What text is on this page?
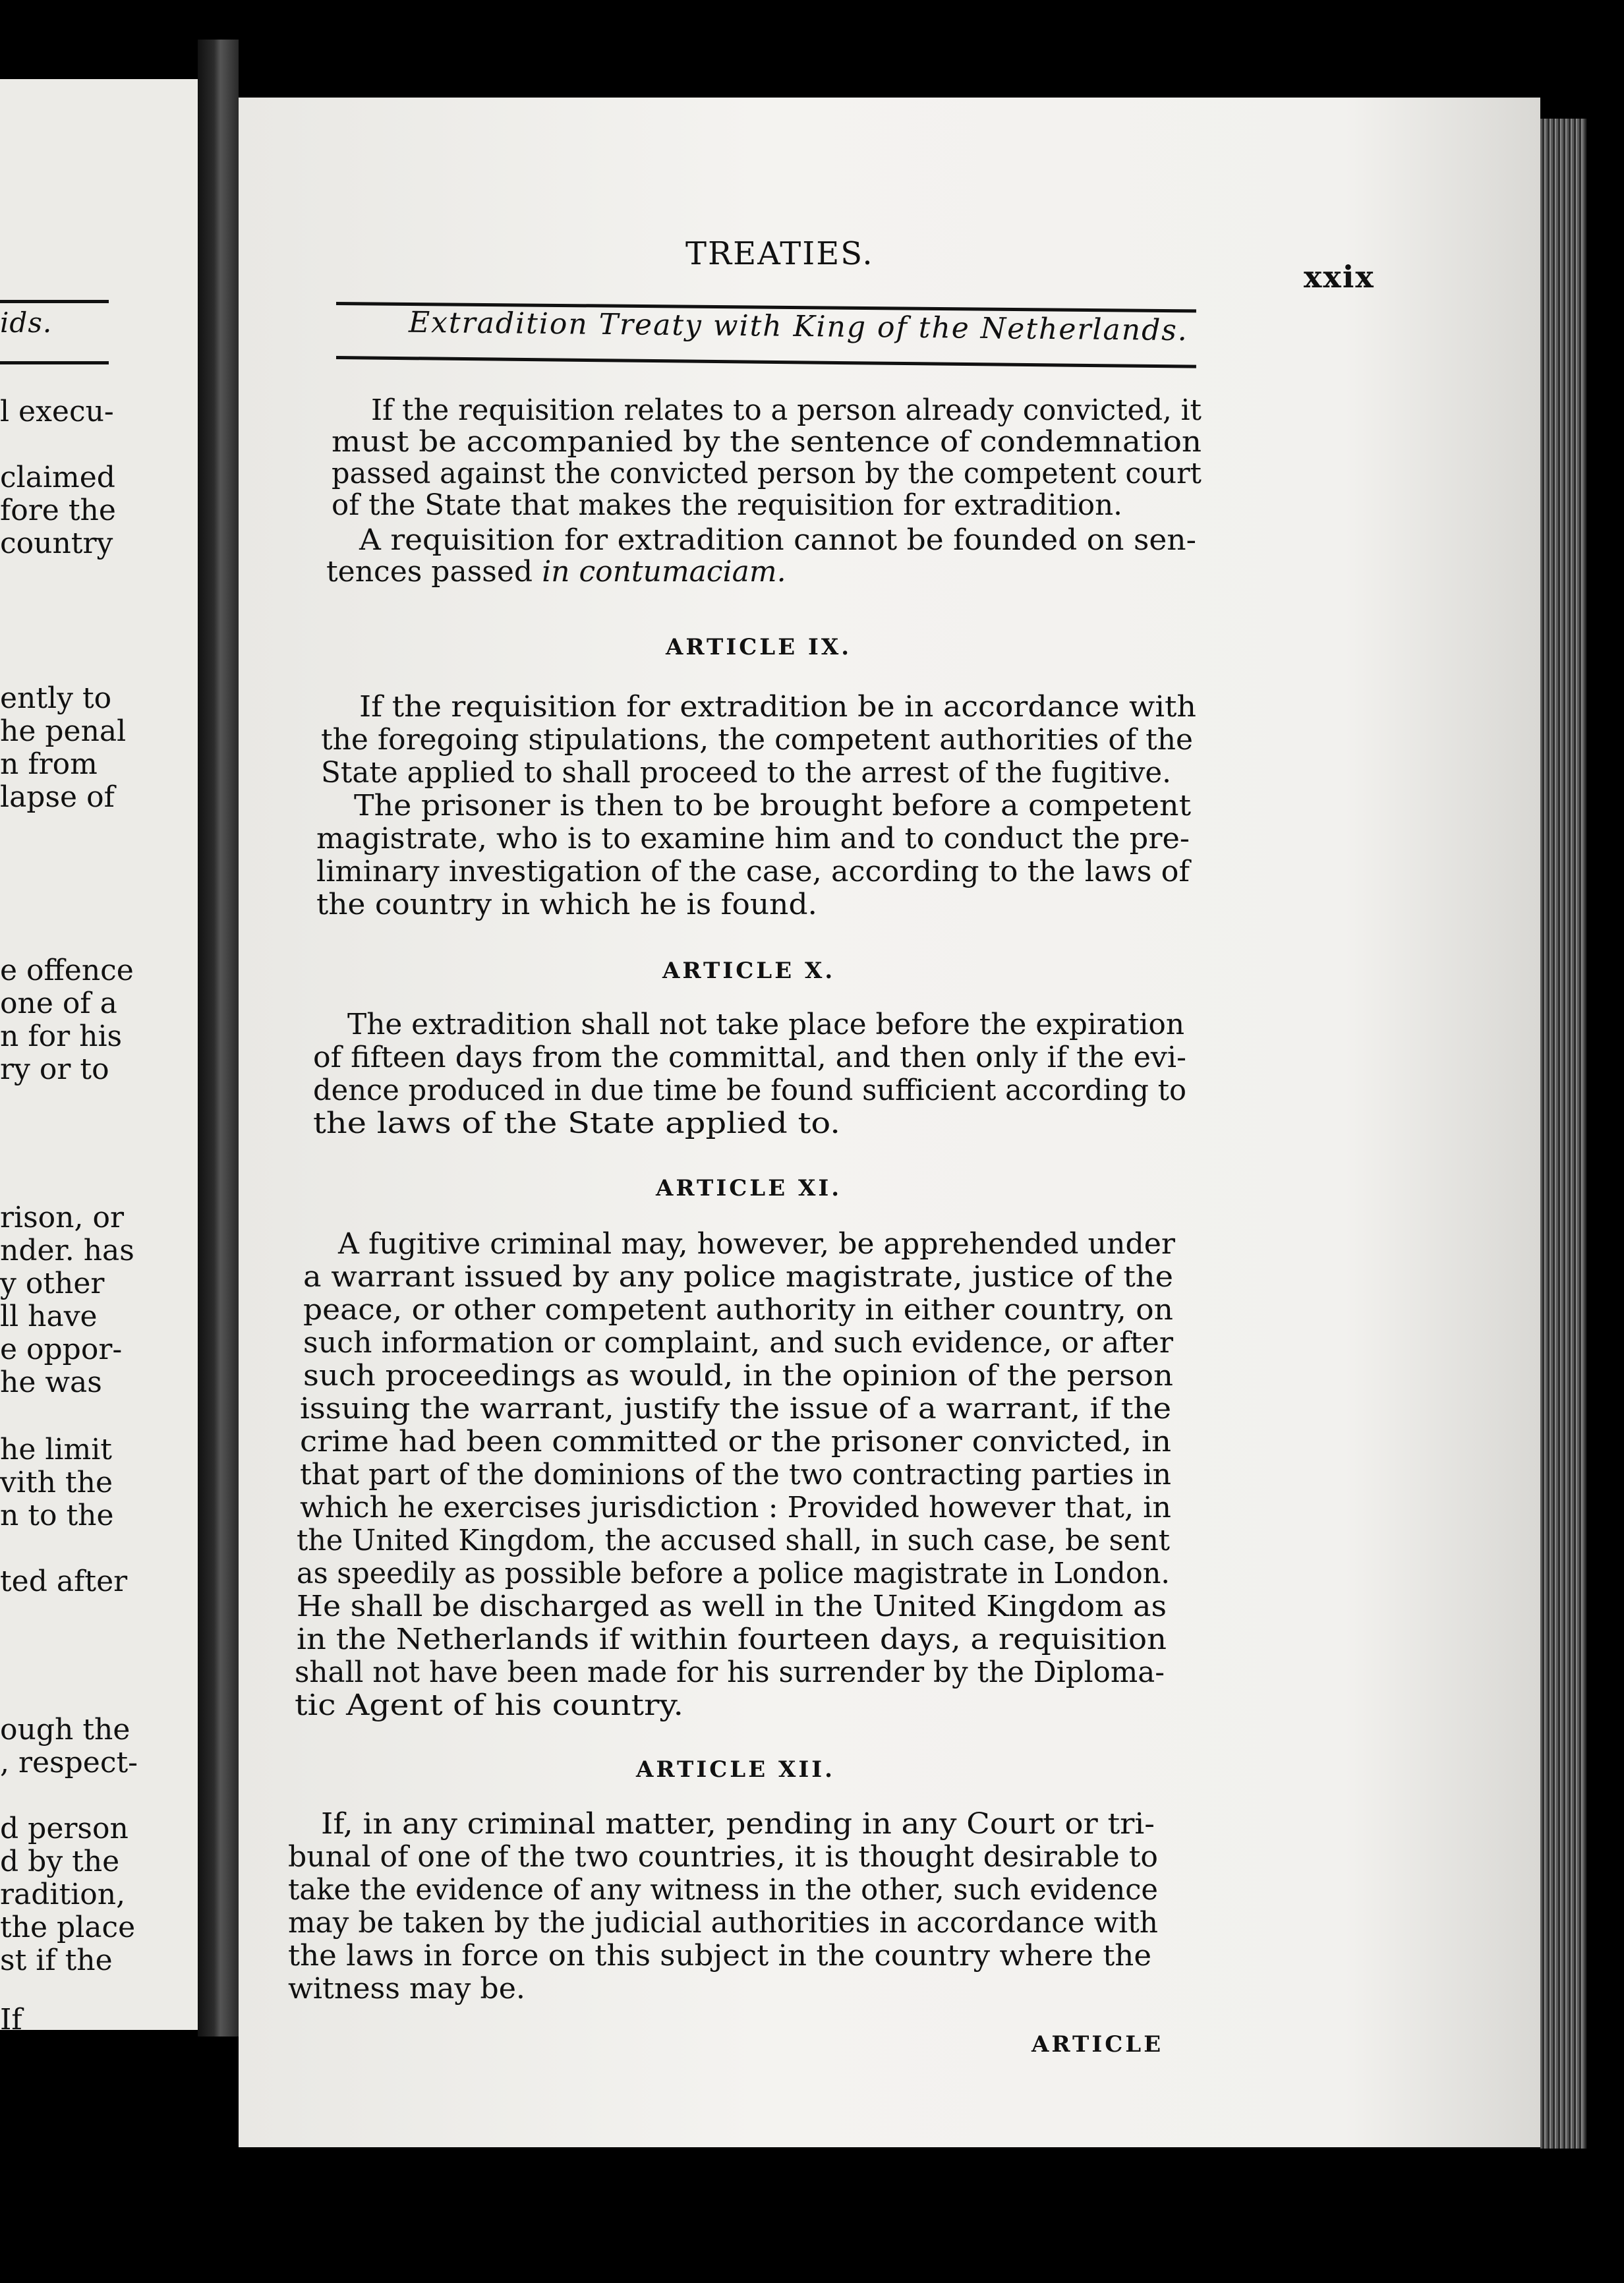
ids.
l execu-
claimed
fore the
country
ently to
he penal
n from
lapse of
e offence
one of a
n for his
ry or to
rison, or
nder. has
y other
ll have
e oppor-
he was
he limit
vith the
n to the
ted after
ough the
, respect-
d person
d by the
radition,
the place
st if the
If
TREATIES.
xxix
Extradition Treaty with King of the Netherlands.
If the requisition relates to a person already convicted, it
must be accompanied by the sentence of condemnation
passed against the convicted person by the competent court
of the State that makes the requisition for extradition.
A requisition for extradition cannot be founded on sen-
tences passed in contumaciam.
ARTICLE IX.
If the requisition for extradition be in accordance with
the foregoing stipulations, the competent authorities of the
State applied to shall proceed to the arrest of the fugitive.
The prisoner is then to be brought before a competent
magistrate, who is to examine him and to conduct the pre-
liminary investigation of the case, according to the laws of
the country in which he is found.
ARTICLE X.
The extradition shall not take place before the expiration
of fifteen days from the committal, and then only if the evi-
dence produced in due time be found sufficient according to
the laws of the State applied to.
ARTICLE XI.
A fugitive criminal may, however, be apprehended under
a warrant issued by any police magistrate, justice of the
peace, or other competent authority in either country, on
such information or complaint, and such evidence, or after
such proceedings as would, in the opinion of the person
issuing the warrant, justify the issue of a warrant, if the
crime had been committed or the prisoner convicted, in
that part of the dominions of the two contracting parties in
which he exercises jurisdiction : Provided however that, in
the United Kingdom, the accused shall, in such case, be sent
as speedily as possible before a police magistrate in London.
He shall be discharged as well in the United Kingdom as
in the Netherlands if within fourteen days, a requisition
shall not have been made for his surrender by the Diploma-
tic Agent of his country.
ARTICLE XII.
If, in any criminal matter, pending in any Court or tri-
bunal of one of the two countries, it is thought desirable to
take the evidence of any witness in the other, such evidence
may be taken by the judicial authorities in accordance with
the laws in force on this subject in the country where the
witness may be.
ARTICLE
